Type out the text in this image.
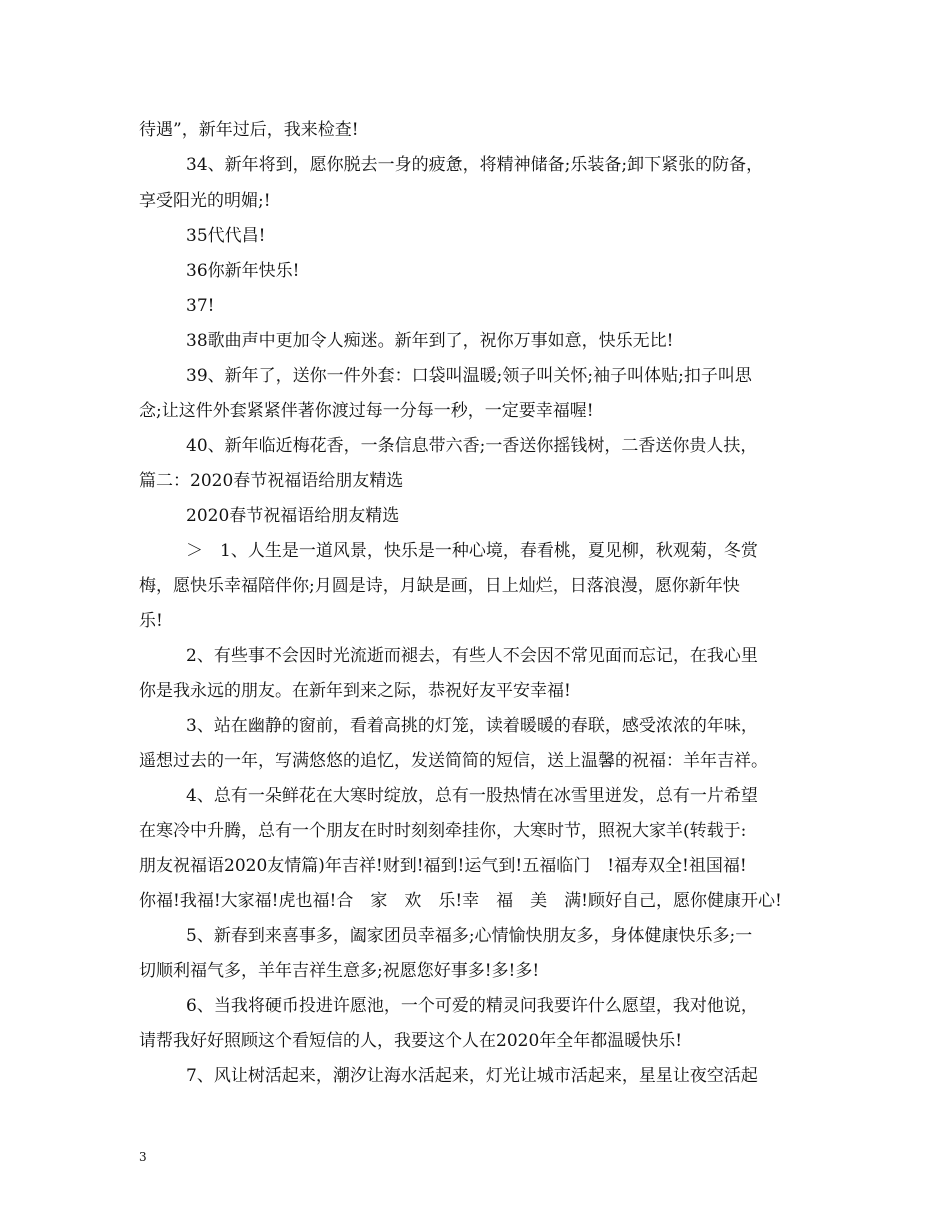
待遇”，新年过后，我来检查!
34、新年将到，愿你脱去一身的疲惫，将精神储备;乐装备;卸下紧张的防备，
享受阳光的明媚;!
35代代昌!
36你新年快乐!
37!
38歌曲声中更加令人痴迷。新年到了，祝你万事如意，快乐无比!
39、新年了，送你一件外套：口袋叫温暖;领子叫关怀;袖子叫体贴;扣子叫思
念;让这件外套紧紧伴著你渡过每一分每一秒，一定要幸福喔!
40、新年临近梅花香，一条信息带六香;一香送你摇钱树，二香送你贵人扶，
篇二：2020春节祝福语给朋友精选
2020春节祝福语给朋友精选
＞　1、人生是一道风景，快乐是一种心境，春看桃，夏见柳，秋观菊，冬赏
梅，愿快乐幸福陪伴你;月圆是诗，月缺是画，日上灿烂，日落浪漫，愿你新年快
乐!
2、有些事不会因时光流逝而褪去，有些人不会因不常见面而忘记，在我心里
你是我永远的朋友。在新年到来之际，恭祝好友平安幸福!
3、站在幽静的窗前，看着高挑的灯笼，读着暖暖的春联，感受浓浓的年味，
遥想过去的一年，写满悠悠的追忆，发送简简的短信，送上温馨的祝福：羊年吉祥。
4、总有一朵鲜花在大寒时绽放，总有一股热情在冰雪里迸发，总有一片希望
在寒冷中升腾，总有一个朋友在时时刻刻牵挂你，大寒时节，照祝大家羊(转载于:
朋友祝福语2020友情篇)年吉祥!财到!福到!运气到!五福临门　!福寿双全!祖国福!
你福!我福!大家福!虎也福!合　家　欢　乐!幸　福　美　满!顾好自己，愿你健康开心!
5、新春到来喜事多，阖家团员幸福多;心情愉快朋友多，身体健康快乐多;一
切顺利福气多，羊年吉祥生意多;祝愿您好事多!多!多!
6、当我将硬币投进许愿池，一个可爱的精灵问我要许什么愿望，我对他说，
请帮我好好照顾这个看短信的人，我要这个人在2020年全年都温暖快乐!
7、风让树活起来，潮汐让海水活起来，灯光让城市活起来，星星让夜空活起
3
